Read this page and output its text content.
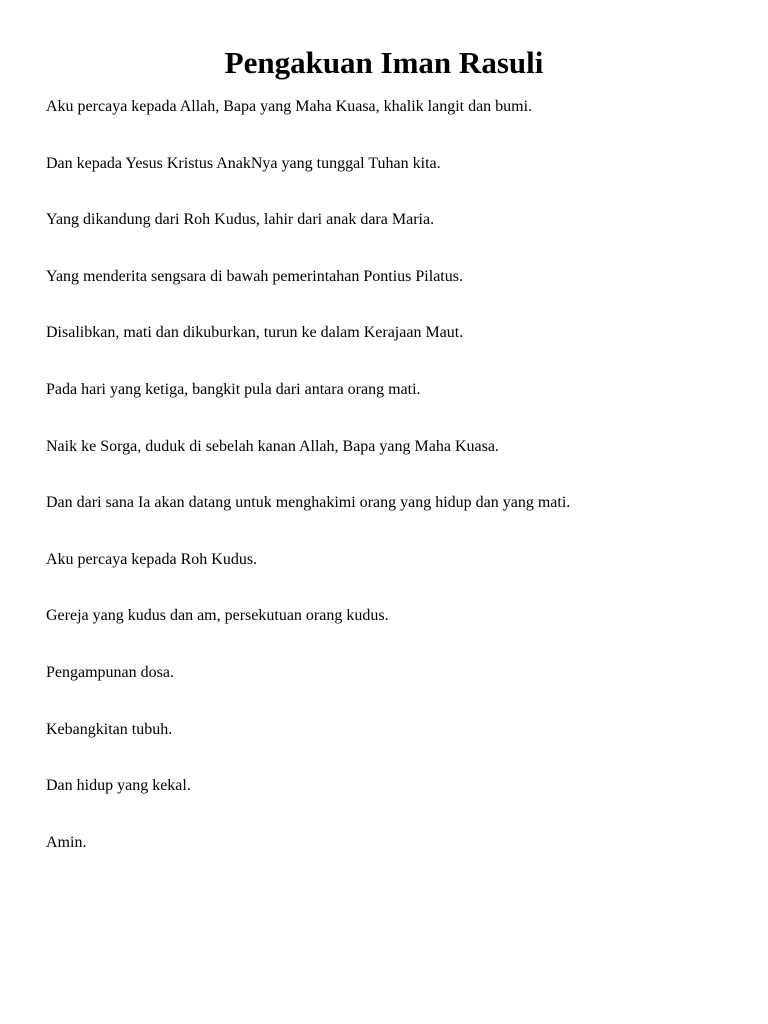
Pengakuan Iman Rasuli
Aku percaya kepada Allah, Bapa yang Maha Kuasa, khalik langit dan bumi.
Dan kepada Yesus Kristus AnakNya yang tunggal Tuhan kita.
Yang dikandung dari Roh Kudus, lahir dari anak dara Maria.
Yang menderita sengsara di bawah pemerintahan Pontius Pilatus.
Disalibkan, mati dan dikuburkan, turun ke dalam Kerajaan Maut.
Pada hari yang ketiga, bangkit pula dari antara orang mati.
Naik ke Sorga, duduk di sebelah kanan Allah, Bapa yang Maha Kuasa.
Dan dari sana Ia akan datang untuk menghakimi orang yang hidup dan yang mati.
Aku percaya kepada Roh Kudus.
Gereja yang kudus dan am, persekutuan orang kudus.
Pengampunan dosa.
Kebangkitan tubuh.
Dan hidup yang kekal.
Amin.
